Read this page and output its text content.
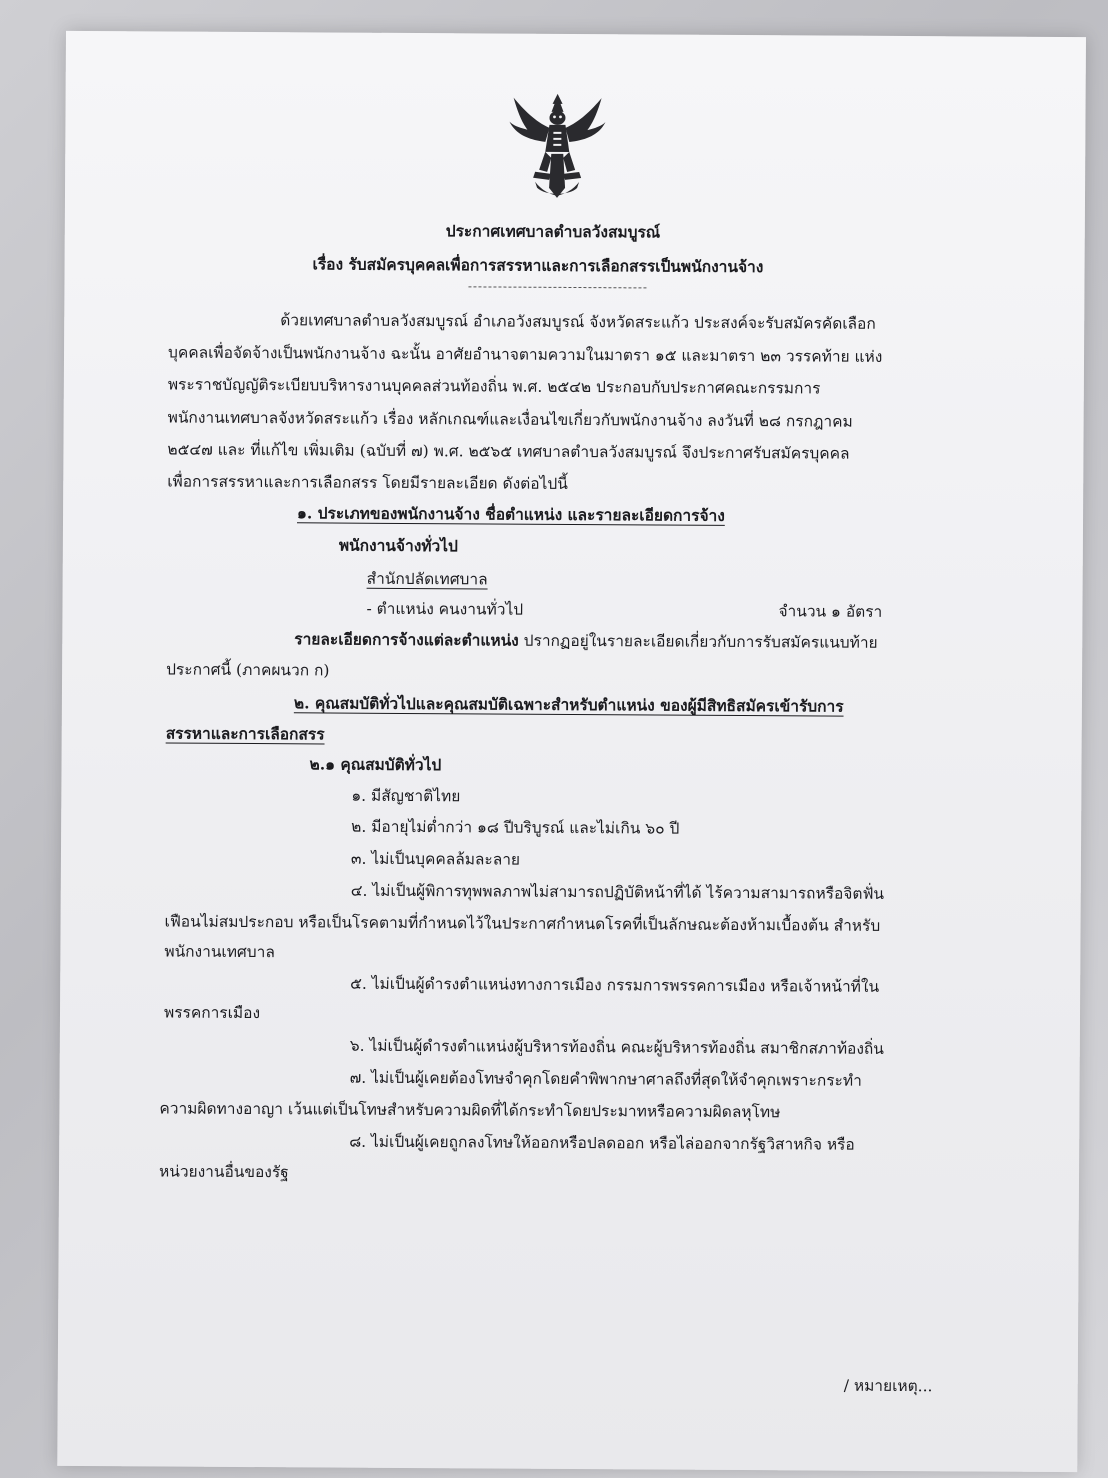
ประกาศเทศบาลตำบลวังสมบูรณ์
เรื่อง รับสมัครบุคคลเพื่อการสรรหาและการเลือกสรรเป็นพนักงานจ้าง
ด้วยเทศบาลตำบลวังสมบูรณ์ อำเภอวังสมบูรณ์ จังหวัดสระแก้ว ประสงค์จะรับสมัครคัดเลือก
บุคคลเพื่อจัดจ้างเป็นพนักงานจ้าง ฉะนั้น อาศัยอำนาจตามความในมาตรา ๑๕ และมาตรา ๒๓ วรรคท้าย แห่ง
พระราชบัญญัติระเบียบบริหารงานบุคคลส่วนท้องถิ่น พ.ศ. ๒๕๔๒ ประกอบกับประกาศคณะกรรมการ
พนักงานเทศบาลจังหวัดสระแก้ว เรื่อง หลักเกณฑ์และเงื่อนไขเกี่ยวกับพนักงานจ้าง ลงวันที่ ๒๘ กรกฎาคม
๒๕๔๗ และ ที่แก้ไข เพิ่มเติม (ฉบับที่ ๗) พ.ศ. ๒๕๖๕ เทศบาลตำบลวังสมบูรณ์ จึงประกาศรับสมัครบุคคล
เพื่อการสรรหาและการเลือกสรร โดยมีรายละเอียด ดังต่อไปนี้
๑. ประเภทของพนักงานจ้าง ชื่อตำแหน่ง และรายละเอียดการจ้าง
พนักงานจ้างทั่วไป
สำนักปลัดเทศบาล
- ตำแหน่ง คนงานทั่วไป	จำนวน ๑ อัตรา
รายละเอียดการจ้างแต่ละตำแหน่ง ปรากฏอยู่ในรายละเอียดเกี่ยวกับการรับสมัครแนบท้าย
ประกาศนี้ (ภาคผนวก ก)
๒. คุณสมบัติทั่วไปและคุณสมบัติเฉพาะสำหรับตำแหน่ง ของผู้มีสิทธิสมัครเข้ารับการ
สรรหาและการเลือกสรร
๒.๑ คุณสมบัติทั่วไป
๑. มีสัญชาติไทย
๒. มีอายุไม่ต่ำกว่า ๑๘ ปีบริบูรณ์ และไม่เกิน ๖๐ ปี
๓. ไม่เป็นบุคคลล้มละลาย
๔. ไม่เป็นผู้พิการทุพพลภาพไม่สามารถปฏิบัติหน้าที่ได้ ไร้ความสามารถหรือจิตฟั่น
เฟือนไม่สมประกอบ หรือเป็นโรคตามที่กำหนดไว้ในประกาศกำหนดโรคที่เป็นลักษณะต้องห้ามเบื้องต้น สำหรับ
พนักงานเทศบาล
๕. ไม่เป็นผู้ดำรงตำแหน่งทางการเมือง กรรมการพรรคการเมือง หรือเจ้าหน้าที่ใน
พรรคการเมือง
๖. ไม่เป็นผู้ดำรงตำแหน่งผู้บริหารท้องถิ่น คณะผู้บริหารท้องถิ่น สมาชิกสภาท้องถิ่น
๗. ไม่เป็นผู้เคยต้องโทษจำคุกโดยคำพิพากษาศาลถึงที่สุดให้จำคุกเพราะกระทำ
ความผิดทางอาญา เว้นแต่เป็นโทษสำหรับความผิดที่ได้กระทำโดยประมาทหรือความผิดลหุโทษ
๘. ไม่เป็นผู้เคยถูกลงโทษให้ออกหรือปลดออก หรือไล่ออกจากรัฐวิสาหกิจ หรือ
หน่วยงานอื่นของรัฐ
/ หมายเหตุ...
